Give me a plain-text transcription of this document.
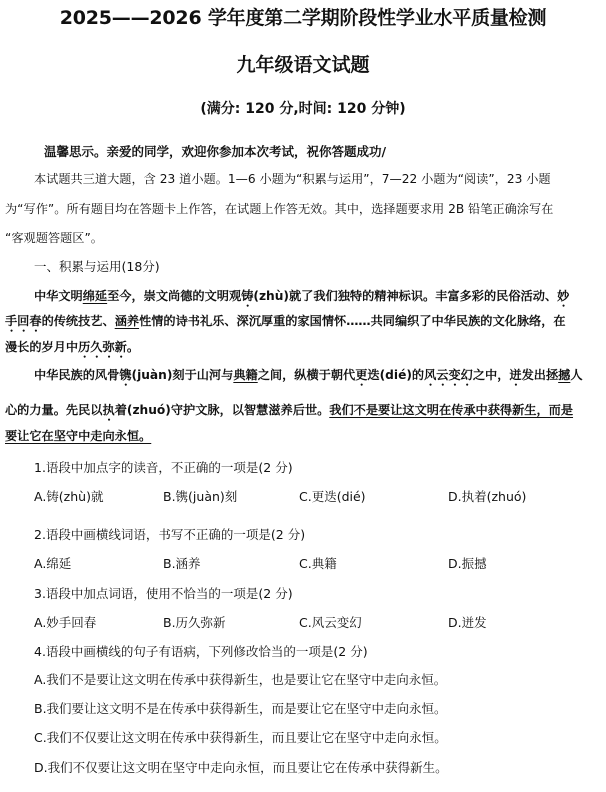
2025——2026 学年度第二学期阶段性学业水平质量检测
九年级语文试题
(满分: 120 分,时间: 120 分钟)
温馨思示。亲爱的同学，欢迎你参加本次考试，祝你答题成功/
本试题共三道大题，含 23 道小题。1—6 小题为“积累与运用”，7—22 小题为“阅读”，23 小题
为“写作”。所有题目均在答题卡上作答，在试题上作答无效。其中，选择题要求用 2B 铅笔正确涂写在
“客观题答题区”。
一、积累与运用(18分)
中华文明绵延至今，崇文尚德的文明观铸(zhù)就了我们独特的精神标识。丰富多彩的民俗活动、妙
手回春的传统技艺、涵养性情的诗书礼乐、深沉厚重的家国情怀……共同编织了中华民族的文化脉络，在
漫长的岁月中历久弥新。
中华民族的风骨镌(juàn)刻于山河与典籍之间，纵横于朝代更迭(dié)的风云变幻之中，迸发出拯撼人
心的力量。先民以执着(zhuó)守护文脉，以智慧滋养后世。我们不是要让这文明在传承中获得新生，而是
要让它在坚守中走向永恒。
1.语段中加点字的读音，不正确的一项是(2 分)
A.铸(zhù)就	B.镌(juàn)刻	C.更迭(dié)	D.执着(zhuó)
2.语段中画横线词语，书写不正确的一项是(2 分)
A.绵延	B.涵养	C.典籍	D.振撼
3.语段中加点词语，使用不恰当的一项是(2 分)
A.妙手回春	B.历久弥新	C.风云变幻	D.迸发
4.语段中画横线的句子有语病，下列修改恰当的一项是(2 分)
A.我们不是要让这文明在传承中获得新生，也是要让它在坚守中走向永恒。
B.我们要让这文明不是在传承中获得新生，而是要让它在坚守中走向永恒。
C.我们不仅要让这文明在传承中获得新生，而且要让它在坚守中走向永恒。
D.我们不仅要让这文明在坚守中走向永恒，而且要让它在传承中获得新生。
